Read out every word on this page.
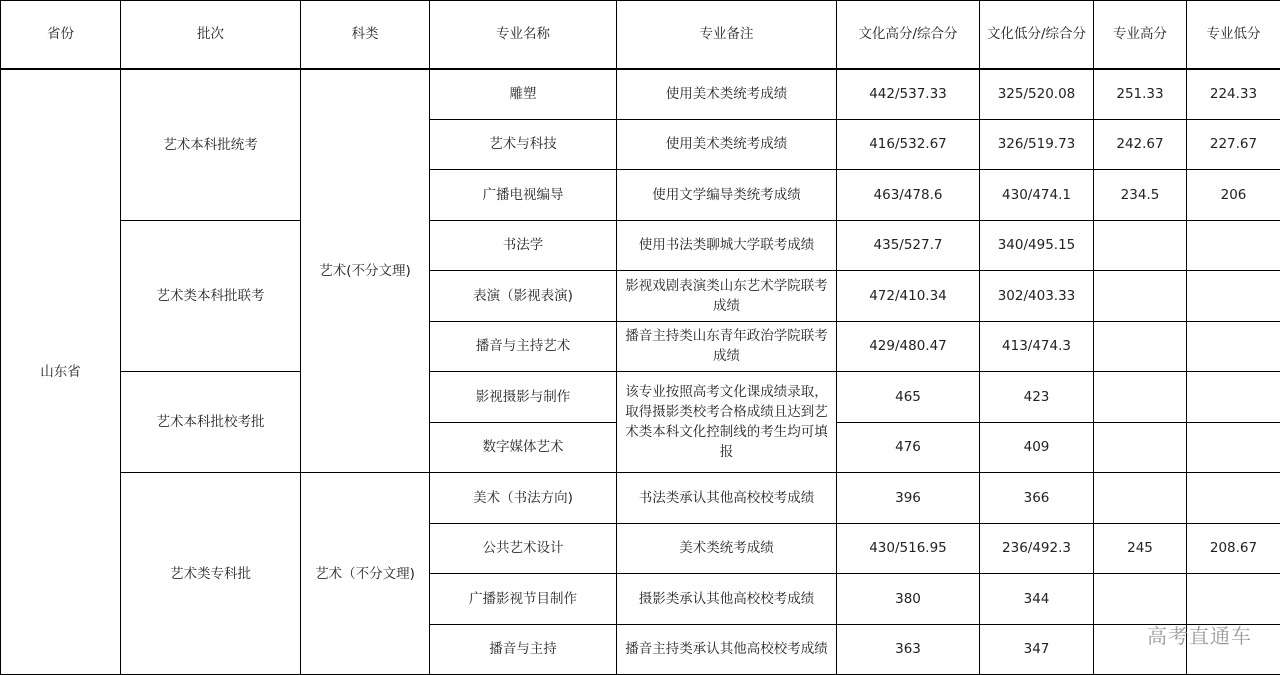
省份	批次	科类	专业名称	专业备注	文化高分/综合分	文化低分/综合分	专业高分	专业低分
山东省	艺术本科批统考	艺术(不分文理)	雕塑	使用美术类统考成绩	442/537.33	325/520.08	251.33	224.33
			艺术与科技	使用美术类统考成绩	416/532.67	326/519.73	242.67	227.67
			广播电视编导	使用文学编导类统考成绩	463/478.6	430/474.1	234.5	206
	艺术类本科批联考		书法学	使用书法类聊城大学联考成绩	435/527.7	340/495.15		
			表演（影视表演)	影视戏剧表演类山东艺术学院联考成绩	472/410.34	302/403.33		
			播音与主持艺术	播音主持类山东青年政治学院联考成绩	429/480.47	413/474.3		
	艺术本科批校考批		影视摄影与制作	该专业按照高考文化课成绩录取，取得摄影类校考合格成绩且达到艺术类本科文化控制线的考生均可填报	465	423		
			数字媒体艺术		476	409		
	艺术类专科批	艺术（不分文理)	美术（书法方向)	书法类承认其他高校校考成绩	396	366		
			公共艺术设计	美术类统考成绩	430/516.95	236/492.3	245	208.67
			广播影视节目制作	摄影类承认其他高校校考成绩	380	344		
			播音与主持	播音主持类承认其他高校校考成绩	363	347		
高考直通车
